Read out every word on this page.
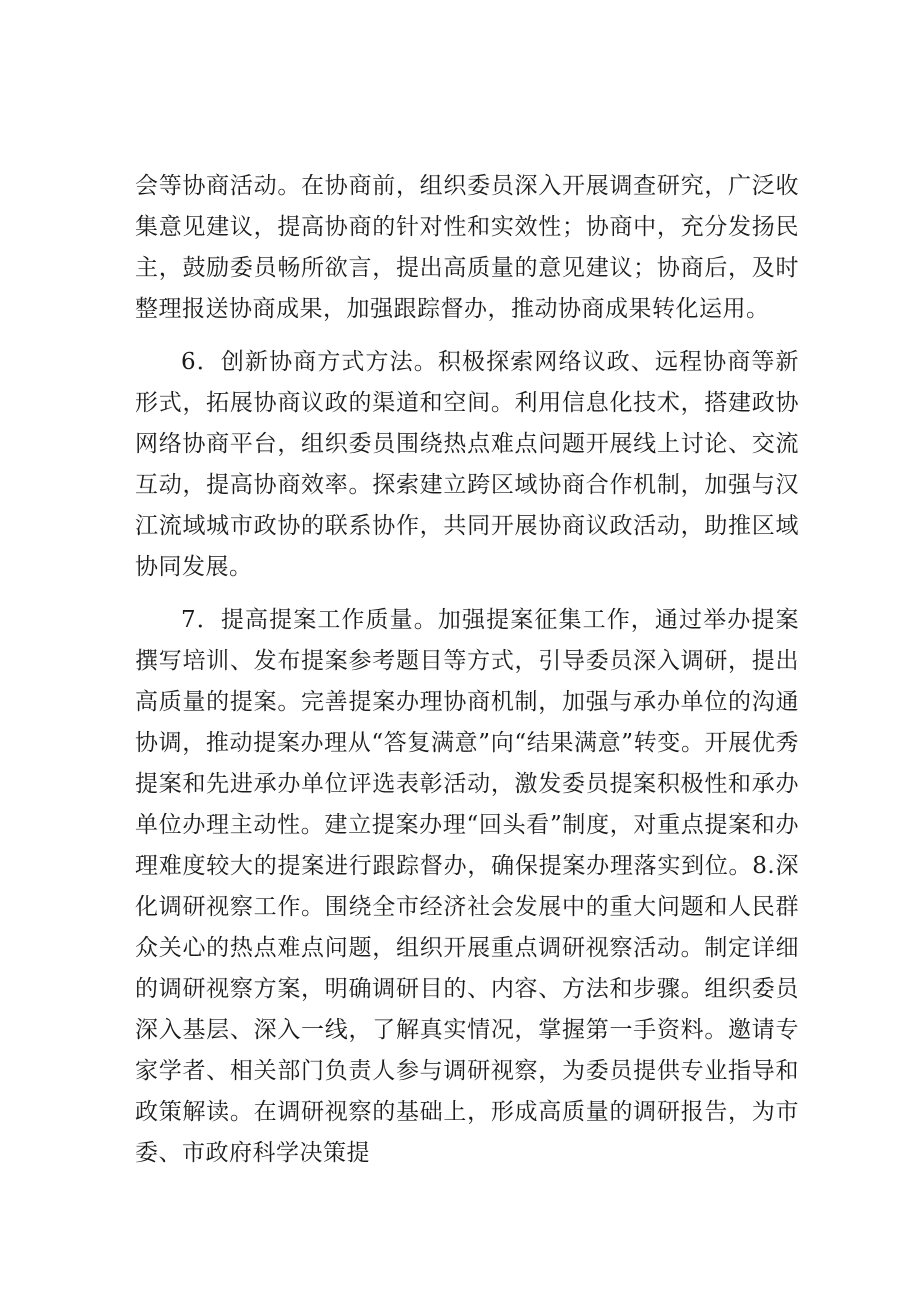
会等协商活动。在协商前，组织委员深入开展调查研究，广泛收集意见建议，提高协商的针对性和实效性；协商中，充分发扬民主，鼓励委员畅所欲言，提出高质量的意见建议；协商后，及时整理报送协商成果，加强跟踪督办，推动协商成果转化运用。

6．创新协商方式方法。积极探索网络议政、远程协商等新形式，拓展协商议政的渠道和空间。利用信息化技术，搭建政协网络协商平台，组织委员围绕热点难点问题开展线上讨论、交流互动，提高协商效率。探索建立跨区域协商合作机制，加强与汉江流域城市政协的联系协作，共同开展协商议政活动，助推区域协同发展。

7．提高提案工作质量。加强提案征集工作，通过举办提案撰写培训、发布提案参考题目等方式，引导委员深入调研，提出高质量的提案。完善提案办理协商机制，加强与承办单位的沟通协调，推动提案办理从“答复满意”向“结果满意”转变。开展优秀提案和先进承办单位评选表彰活动，激发委员提案积极性和承办单位办理主动性。建立提案办理“回头看”制度，对重点提案和办理难度较大的提案进行跟踪督办，确保提案办理落实到位。8.深化调研视察工作。围绕全市经济社会发展中的重大问题和人民群众关心的热点难点问题，组织开展重点调研视察活动。制定详细的调研视察方案，明确调研目的、内容、方法和步骤。组织委员深入基层、深入一线，了解真实情况，掌握第一手资料。邀请专家学者、相关部门负责人参与调研视察，为委员提供专业指导和政策解读。在调研视察的基础上，形成高质量的调研报告，为市委、市政府科学决策提
